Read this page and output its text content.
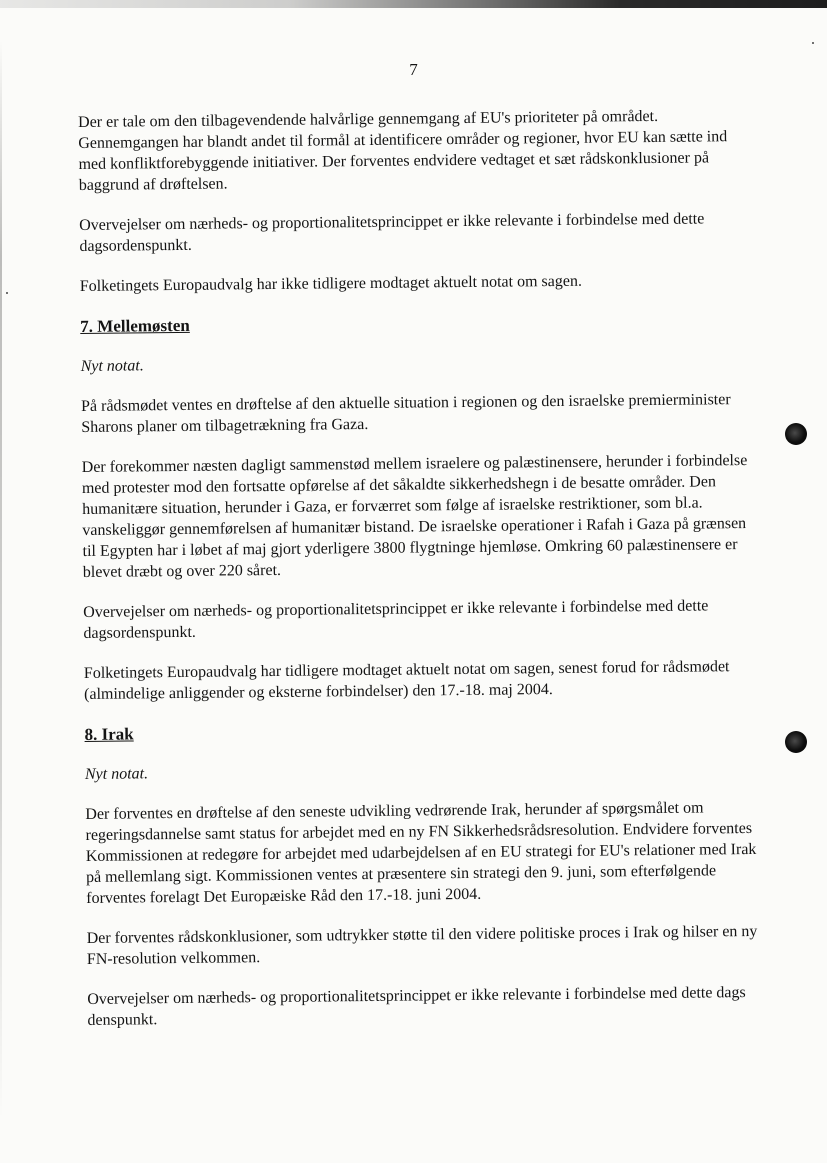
7

Der er tale om den tilbagevendende halvårlige gennemgang af EU's prioriteter på området. Gennemgangen har blandt andet til formål at identificere områder og regioner, hvor EU kan sætte ind med konfliktforebyggende initiativer. Der forventes endvidere vedtaget et sæt rådskonklusioner på baggrund af drøftelsen.

Overvejelser om nærheds- og proportionalitetsprincippet er ikke relevante i forbindelse med dette dagsordenspunkt.

Folketingets Europaudvalg har ikke tidligere modtaget aktuelt notat om sagen.

7. Mellemøsten

Nyt notat.

På rådsmødet ventes en drøftelse af den aktuelle situation i regionen og den israelske premierminister Sharons planer om tilbagetrækning fra Gaza.

Der forekommer næsten dagligt sammenstød mellem israelere og palæstinensere, herunder i forbindelse med protester mod den fortsatte opførelse af det såkaldte sikkerhedshegn i de besatte områder. Den humanitære situation, herunder i Gaza, er forværret som følge af israelske restriktioner, som bl.a. vanskeliggør gennemførelsen af humanitær bistand. De israelske operationer i Rafah i Gaza på grænsen til Egypten har i løbet af maj gjort yderligere 3800 flygtninge hjemløse. Omkring 60 palæstinensere er blevet dræbt og over 220 såret.

Overvejelser om nærheds- og proportionalitetsprincippet er ikke relevante i forbindelse med dette dagsordenspunkt.

Folketingets Europaudvalg har tidligere modtaget aktuelt notat om sagen, senest forud for rådsmødet (almindelige anliggender og eksterne forbindelser) den 17.-18. maj 2004.

8. Irak

Nyt notat.

Der forventes en drøftelse af den seneste udvikling vedrørende Irak, herunder af spørgsmålet om regeringsdannelse samt status for arbejdet med en ny FN Sikkerhedsrådsresolution. Endvidere forventes Kommissionen at redegøre for arbejdet med udarbejdelsen af en EU strategi for EU's relationer med Irak på mellemlang sigt. Kommissionen ventes at præsentere sin strategi den 9. juni, som efterfølgende forventes forelagt Det Europæiske Råd den 17.-18. juni 2004.

Der forventes rådskonklusioner, som udtrykker støtte til den videre politiske proces i Irak og hilser en ny FN-resolution velkommen.

Overvejelser om nærheds- og proportionalitetsprincippet er ikke relevante i forbindelse med dette dags denspunkt.
